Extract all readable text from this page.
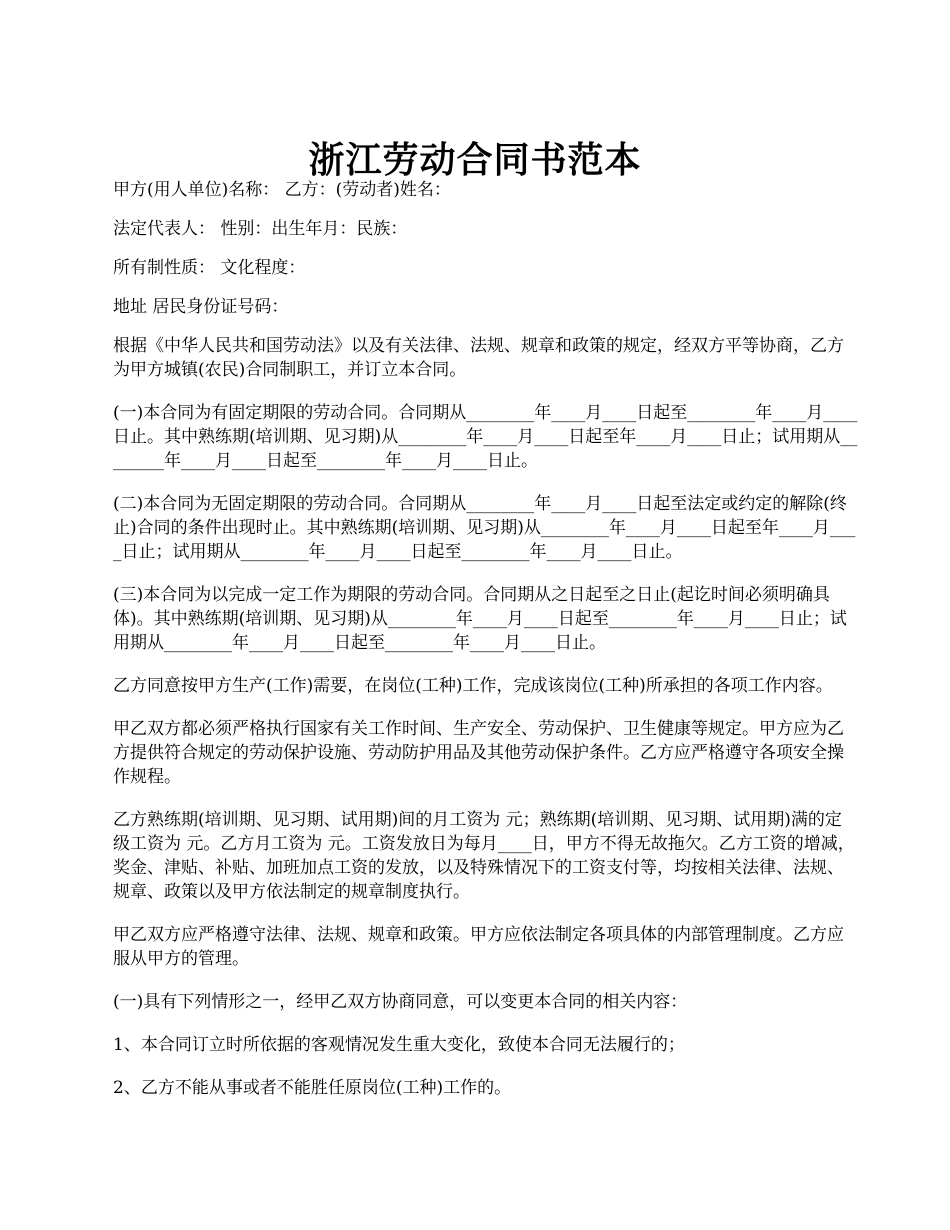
浙江劳动合同书范本

甲方(用人单位)名称： 乙方：(劳动者)姓名：

法定代表人： 性别：出生年月：民族：

所有制性质： 文化程度：

地址 居民身份证号码：

根据《中华人民共和国劳动法》以及有关法律、法规、规章和政策的规定，经双方平等协商，乙方为甲方城镇(农民)合同制职工，并订立本合同。

(一)本合同为有固定期限的劳动合同。合同期从________年____月____日起至________年____月____日止。其中熟练期(培训期、见习期)从________年____月____日起至年____月____日止；试用期从________年____月____日起至________年____月____日止。

(二)本合同为无固定期限的劳动合同。合同期从________年____月____日起至法定或约定的解除(终止)合同的条件出现时止。其中熟练期(培训期、见习期)从________年____月____日起至年____月____日止；试用期从________年____月____日起至________年____月____日止。

(三)本合同为以完成一定工作为期限的劳动合同。合同期从之日起至之日止(起讫时间必须明确具体)。其中熟练期(培训期、见习期)从________年____月____日起至________年____月____日止；试用期从________年____月____日起至________年____月____日止。

乙方同意按甲方生产(工作)需要，在岗位(工种)工作，完成该岗位(工种)所承担的各项工作内容。

甲乙双方都必须严格执行国家有关工作时间、生产安全、劳动保护、卫生健康等规定。甲方应为乙方提供符合规定的劳动保护设施、劳动防护用品及其他劳动保护条件。乙方应严格遵守各项安全操作规程。

乙方熟练期(培训期、见习期、试用期)间的月工资为 元；熟练期(培训期、见习期、试用期)满的定级工资为 元。乙方月工资为 元。工资发放日为每月____日，甲方不得无故拖欠。乙方工资的增减，奖金、津贴、补贴、加班加点工资的发放，以及特殊情况下的工资支付等，均按相关法律、法规、规章、政策以及甲方依法制定的规章制度执行。

甲乙双方应严格遵守法律、法规、规章和政策。甲方应依法制定各项具体的内部管理制度。乙方应服从甲方的管理。

(一)具有下列情形之一，经甲乙双方协商同意，可以变更本合同的相关内容：

1、本合同订立时所依据的客观情况发生重大变化，致使本合同无法履行的；

2、乙方不能从事或者不能胜任原岗位(工种)工作的。
